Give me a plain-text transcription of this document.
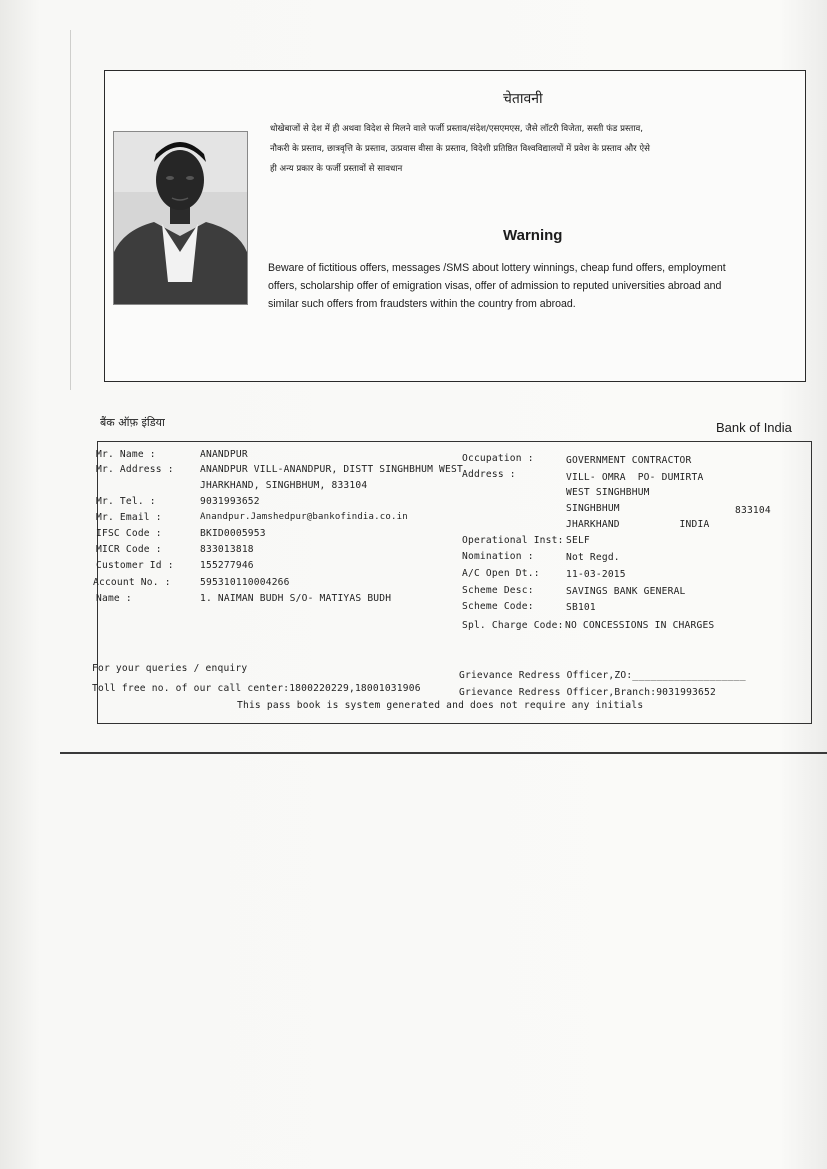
चेतावनी
धोखेबाजों से देश में ही अथवा विदेश से मिलने वाले फर्जी प्रस्ताव/संदेश/एसएमएस, जैसे लॉटरी विजेता, सस्ती फंड प्रस्ताव,
नौकरी के प्रस्ताव, छात्रवृत्ति के प्रस्ताव, उत्प्रवास वीसा के प्रस्ताव, विदेशी प्रतिष्ठित विश्वविद्यालयों में प्रवेश के प्रस्ताव और ऐसे
ही अन्य प्रकार के फर्जी प्रस्तावों से सावधान
Warning
Beware of fictitious offers, messages /SMS about lottery winnings, cheap fund offers, employment
offers, scholarship offer of emigration visas, offer of admission to reputed universities abroad and
similar such offers from fraudsters within the country from abroad.
बैंक ऑफ़ इंडिया	Bank of India
Mr. Name :	ANANDPUR
Mr. Address :	ANANDPUR VILL-ANANDPUR, DISTT SINGHBHUM WEST
JHARKHAND, SINGHBHUM, 833104
Mr. Tel. :	9031993652
Mr. Email :	Anandpur.Jamshedpur@bankofindia.co.in
IFSC Code :	BKID0005953
MICR Code :	833013818
Customer Id :	155277946
Account No. :	595310110004266
Name :	1. NAIMAN BUDH S/O- MATIYAS BUDH
Occupation :	GOVERNMENT CONTRACTOR
Address :	VILL- OMRA  PO- DUMIRTA
WEST SINGHBHUM
SINGHBHUM
JHARKHAND          INDIA
833104
Operational Inst: SELF
Nomination :	Not Regd.
A/C Open Dt.:	11-03-2015
Scheme Desc:	SAVINGS BANK GENERAL
Scheme Code:	SB101
Spl. Charge Code: NO CONCESSIONS IN CHARGES
For your queries / enquiry
Toll free no. of our call center:1800220229,18001031906
Grievance Redress Officer,ZO:___________________
Grievance Redress Officer,Branch:9031993652
This pass book is system generated and does not require any initials
